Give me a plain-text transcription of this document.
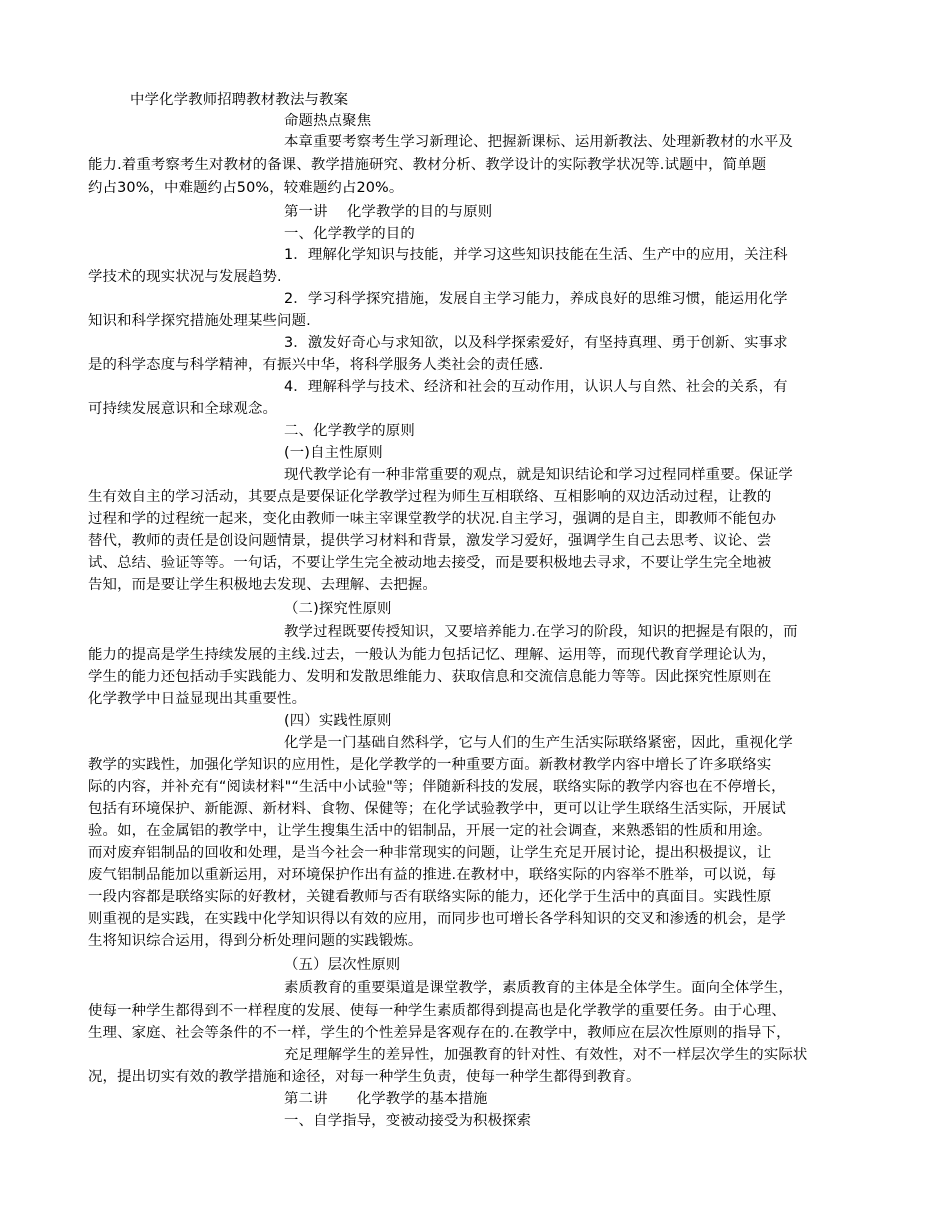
中学化学教师招聘教材教法与教案
命题热点聚焦
本章重要考察考生学习新理论、把握新课标、运用新教法、处理新教材的水平及
能力.着重考察考生对教材的备课、教学措施研究、教材分析、教学设计的实际教学状况等.试题中，简单题
约占30%，中难题约占50%，较难题约占20%。
第一讲　 化学教学的目的与原则
一、化学教学的目的
1．理解化学知识与技能，并学习这些知识技能在生活、生产中的应用，关注科
学技术的现实状况与发展趋势.
2．学习科学探究措施，发展自主学习能力，养成良好的思维习惯，能运用化学
知识和科学探究措施处理某些问题.
3．激发好奇心与求知欲，以及科学探索爱好，有坚持真理、勇于创新、实事求
是的科学态度与科学精神，有振兴中华，将科学服务人类社会的责任感.
4．理解科学与技术、经济和社会的互动作用，认识人与自然、社会的关系，有
可持续发展意识和全球观念。
二、化学教学的原则
(一)自主性原则
现代教学论有一种非常重要的观点，就是知识结论和学习过程同样重要。保证学
生有效自主的学习活动，其要点是要保证化学教学过程为师生互相联络、互相影响的双边活动过程，让教的
过程和学的过程统一起来，变化由教师一味主宰课堂教学的状况.自主学习，强调的是自主，即教师不能包办
替代，教师的责任是创设问题情景，提供学习材料和背景，激发学习爱好，强调学生自己去思考、议论、尝
试、总结、验证等等。一句话，不要让学生完全被动地去接受，而是要积极地去寻求，不要让学生完全地被
告知，而是要让学生积极地去发现、去理解、去把握。
（二)探究性原则
教学过程既要传授知识，又要培养能力.在学习的阶段，知识的把握是有限的，而
能力的提高是学生持续发展的主线.过去，一般认为能力包括记忆、理解、运用等，而现代教育学理论认为，
学生的能力还包括动手实践能力、发明和发散思维能力、获取信息和交流信息能力等等。因此探究性原则在
化学教学中日益显现出其重要性。
(四）实践性原则
化学是一门基础自然科学，它与人们的生产生活实际联络紧密，因此，重视化学
教学的实践性，加强化学知识的应用性，是化学教学的一种重要方面。新教材教学内容中增长了许多联络实
际的内容，并补充有“阅读材料"“生活中小试验"等；伴随新科技的发展，联络实际的教学内容也在不停增长，
包括有环境保护、新能源、新材料、食物、保健等；在化学试验教学中，更可以让学生联络生活实际，开展试
验。如，在金属铝的教学中，让学生搜集生活中的铝制品，开展一定的社会调查，来熟悉铝的性质和用途。
而对废弃铝制品的回收和处理，是当今社会一种非常现实的问题，让学生充足开展讨论，提出积极提议，让
废气铝制品能加以重新运用，对环境保护作出有益的推进.在教材中，联络实际的内容举不胜举，可以说，每
一段内容都是联络实际的好教材，关键看教师与否有联络实际的能力，还化学于生活中的真面目。实践性原
则重视的是实践，在实践中化学知识得以有效的应用，而同步也可增长各学科知识的交叉和渗透的机会，是学
生将知识综合运用，得到分析处理问题的实践锻炼。
（五）层次性原则
素质教育的重要渠道是课堂教学，素质教育的主体是全体学生。面向全体学生，
使每一种学生都得到不一样程度的发展、使每一种学生素质都得到提高也是化学教学的重要任务。由于心理、
生理、家庭、社会等条件的不一样，学生的个性差异是客观存在的.在教学中，教师应在层次性原则的指导下，
充足理解学生的差异性，加强教育的针对性、有效性，对不一样层次学生的实际状
况，提出切实有效的教学措施和途径，对每一种学生负责，使每一种学生都得到教育。
第二讲　　化学教学的基本措施
一、自学指导，变被动接受为积极探索
